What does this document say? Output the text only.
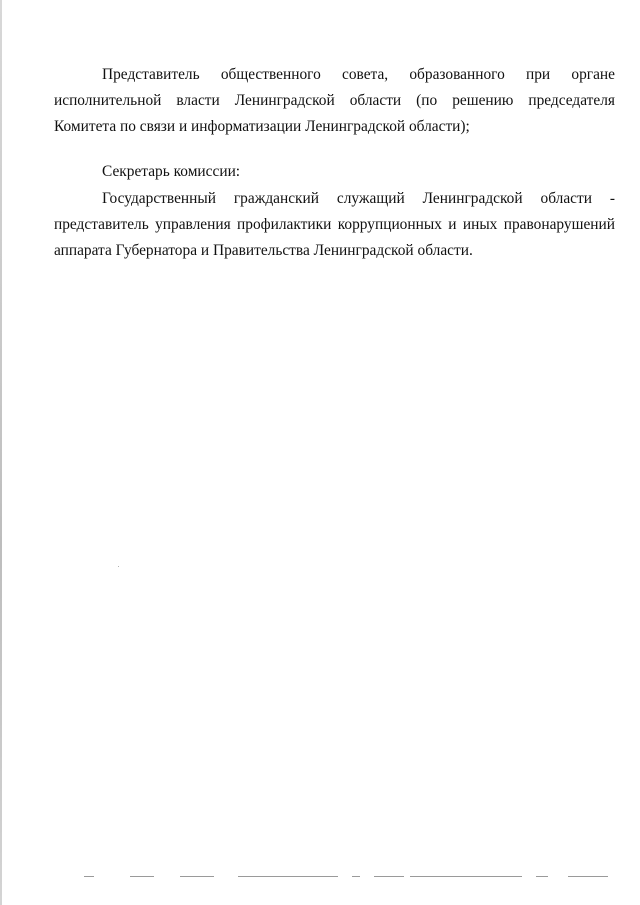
Представитель общественного совета, образованного при органе

исполнительной власти Ленинградской области (по решению председателя

Комитета по связи и информатизации Ленинградской области);

Секретарь комиссии:

Государственный гражданский служащий Ленинградской области -

представитель управления профилактики коррупционных и иных правонарушений

аппарата Губернатора и Правительства Ленинградской области.
